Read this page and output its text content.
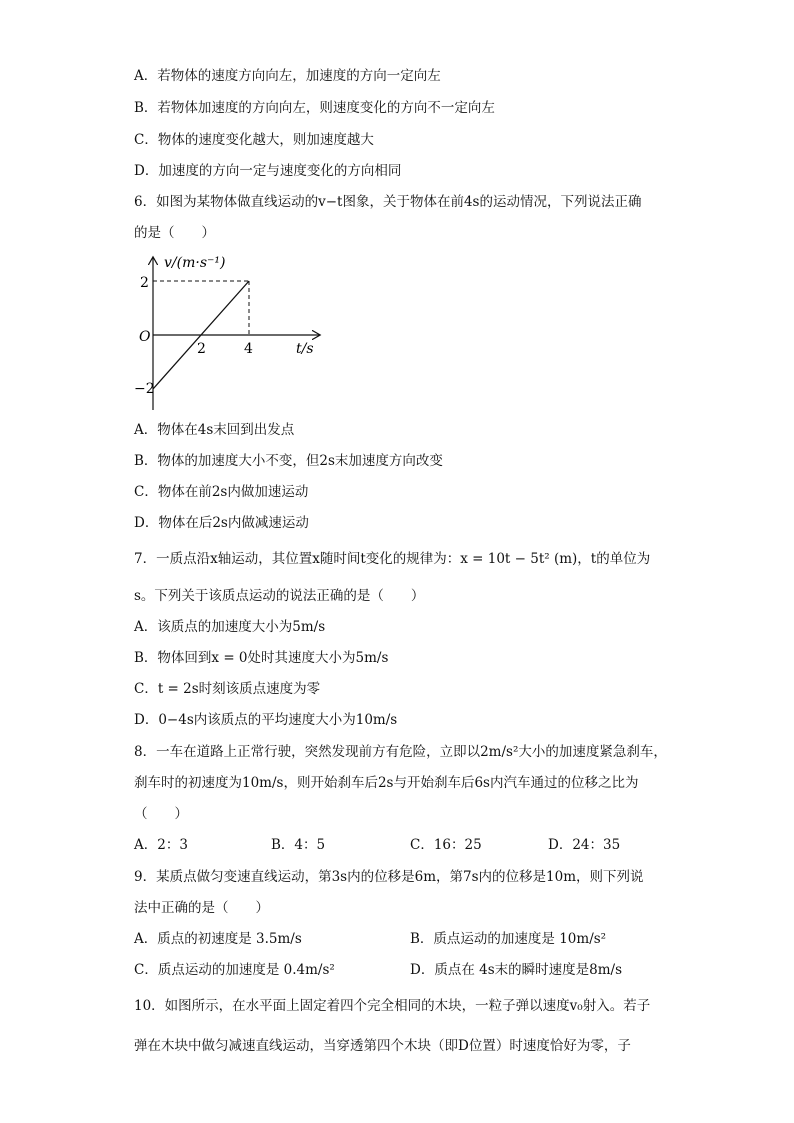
A．若物体的速度方向向左，加速度的方向一定向左
B．若物体加速度的方向向左，则速度变化的方向不一定向左
C．物体的速度变化越大，则加速度越大
D．加速度的方向一定与速度变化的方向相同
6．如图为某物体做直线运动的v−t图象，关于物体在前4s的运动情况，下列说法正确
的是（　　）
v/(m·s⁻¹)
t/s
O
2
−2
2	4
A．物体在4s末回到出发点
B．物体的加速度大小不变，但2s末加速度方向改变
C．物体在前2s内做加速运动
D．物体在后2s内做减速运动
7．一质点沿x轴运动，其位置x随时间t变化的规律为：x = 10t − 5t² (m)，t的单位为
s。下列关于该质点运动的说法正确的是（　　）
A．该质点的加速度大小为5m/s
B．物体回到x = 0处时其速度大小为5m/s
C．t = 2s时刻该质点速度为零
D．0−4s内该质点的平均速度大小为10m/s
8．一车在道路上正常行驶，突然发现前方有危险，立即以2m/s²大小的加速度紧急刹车，
刹车时的初速度为10m/s，则开始刹车后2s与开始刹车后6s内汽车通过的位移之比为
（　　）
A．2：3	B．4：5	C．16：25	D．24：35
9．某质点做匀变速直线运动，第3s内的位移是6m，第7s内的位移是10m，则下列说
法中正确的是（　　）
A．质点的初速度是 3.5m/s	B．质点运动的加速度是 10m/s²
C．质点运动的加速度是 0.4m/s²	D．质点在 4s末的瞬时速度是8m/s
10．如图所示，在水平面上固定着四个完全相同的木块，一粒子弹以速度v₀射入。若子
弹在木块中做匀减速直线运动，当穿透第四个木块（即D位置）时速度恰好为零，子
